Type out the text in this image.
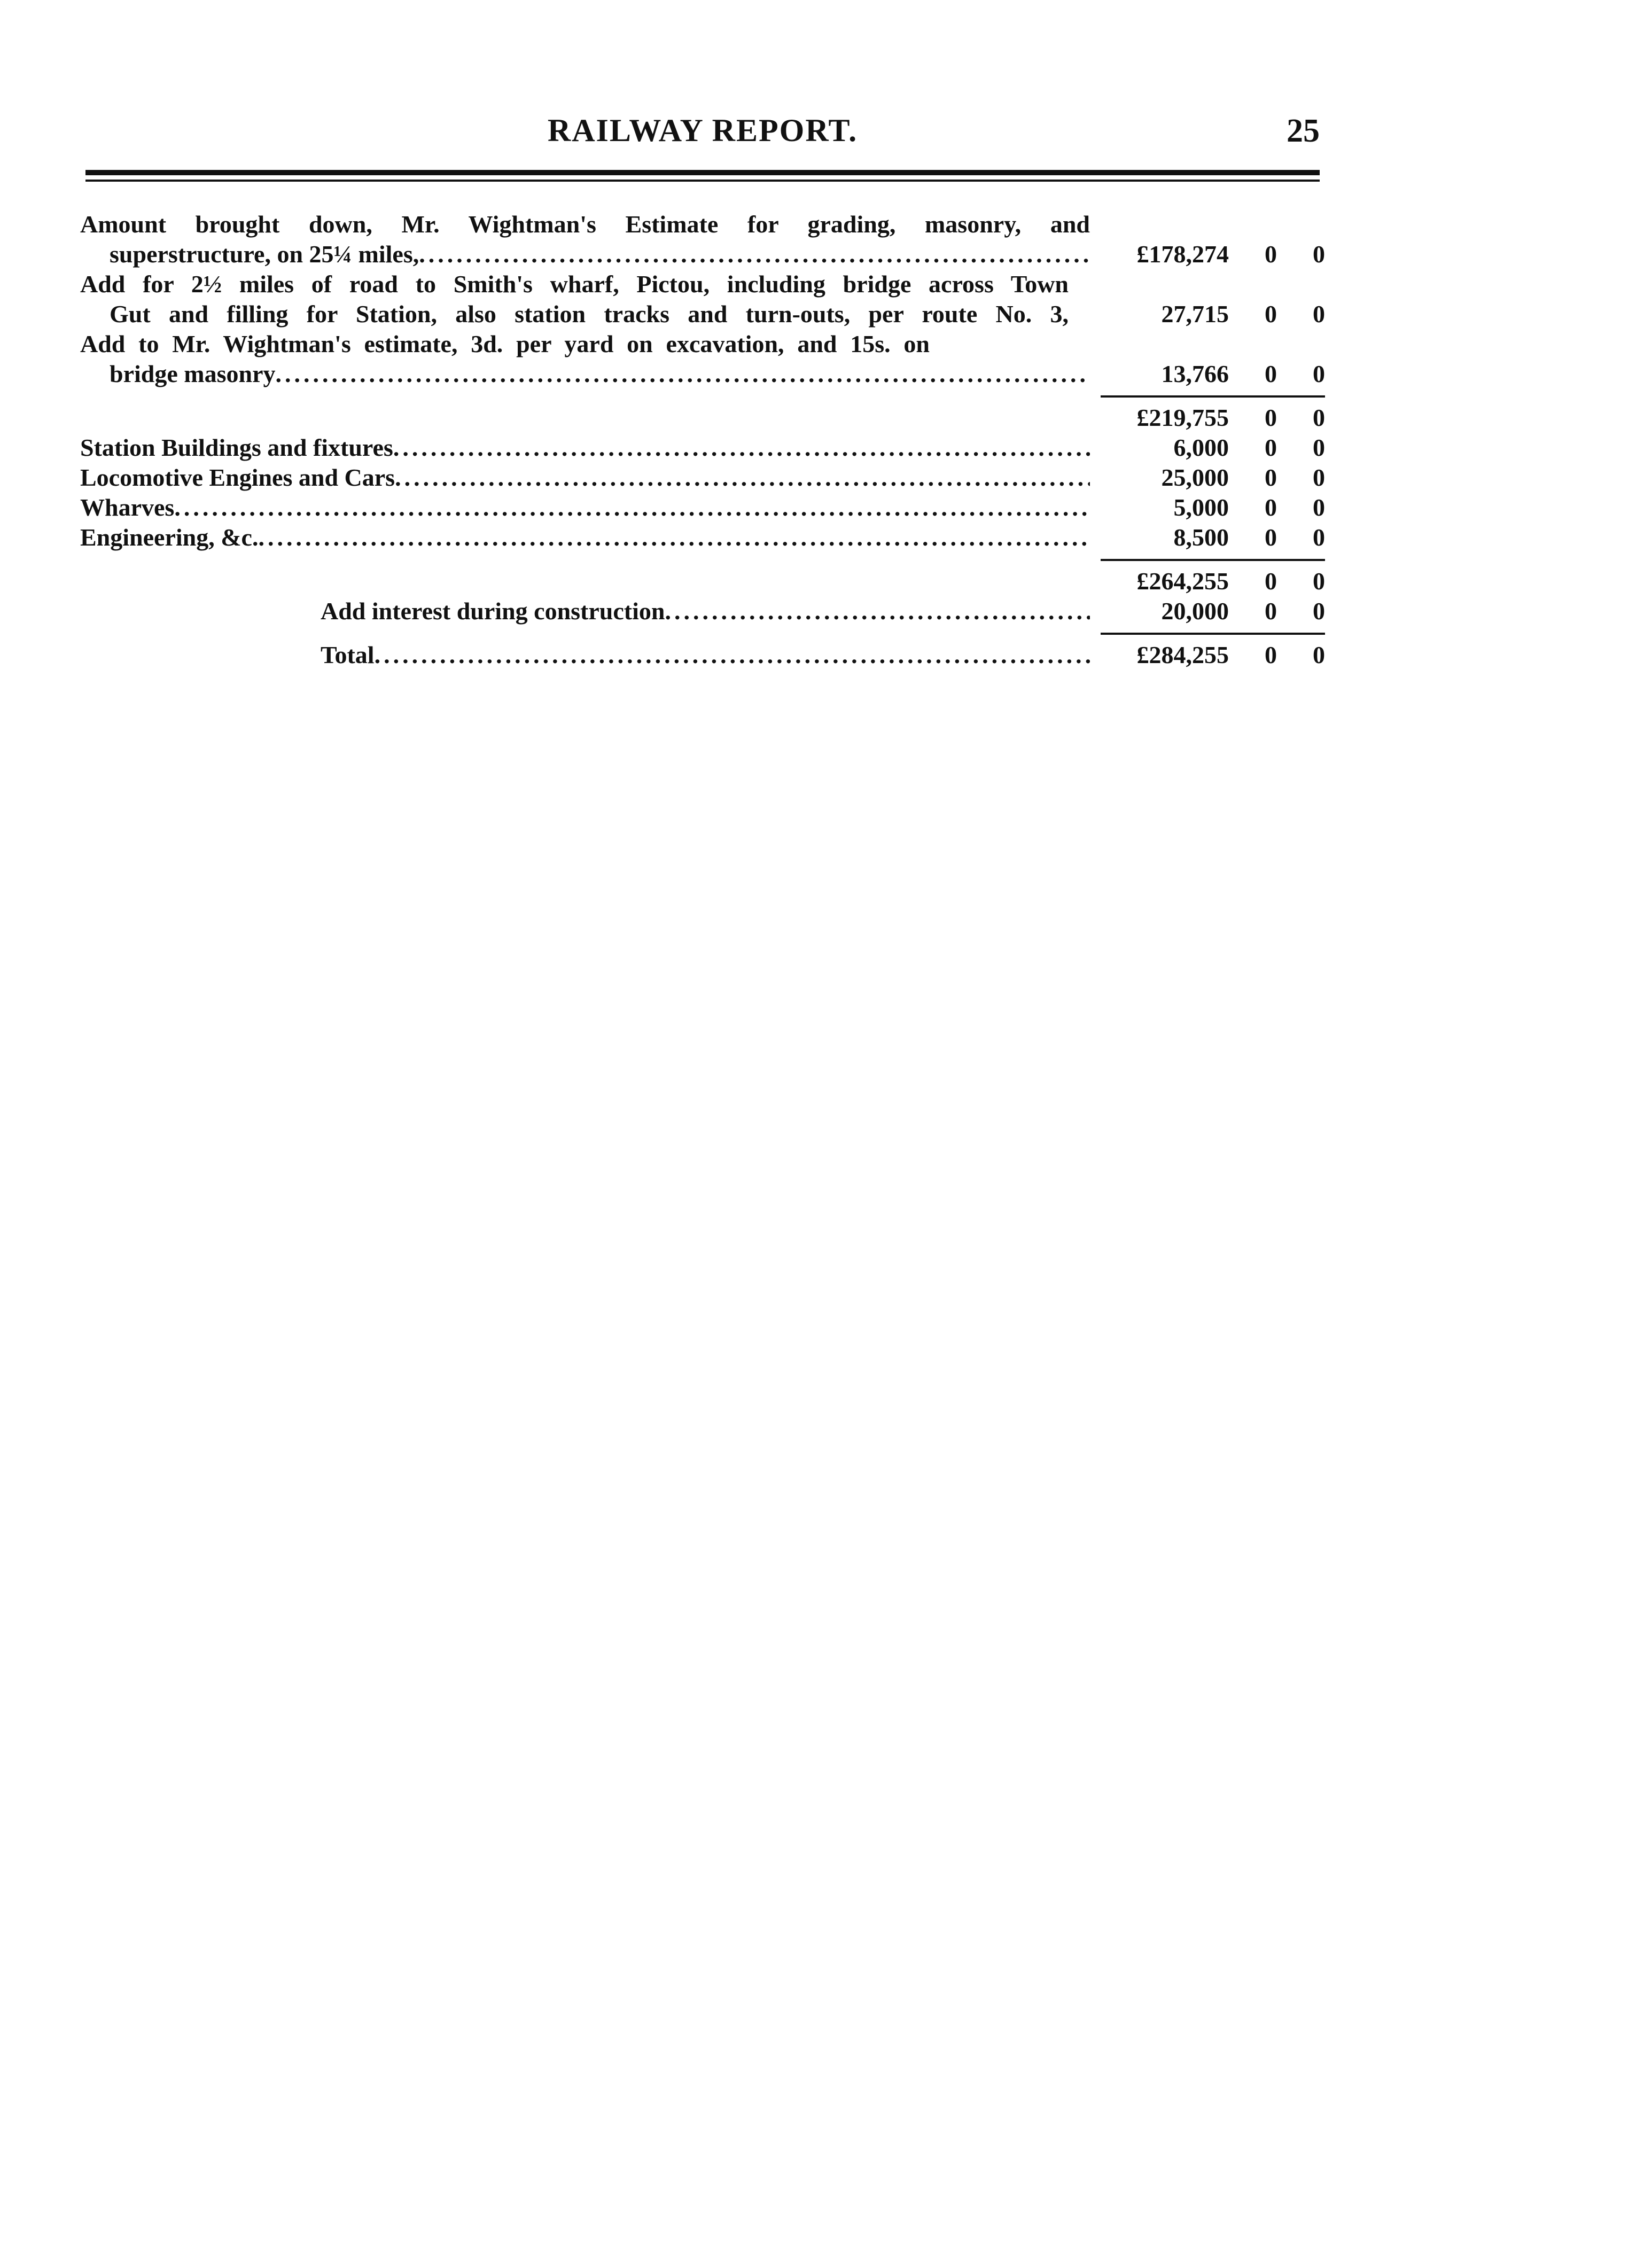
RAILWAY REPORT.	25
Amount brought down, Mr. Wightman's Estimate for grading, masonry, and
superstructure, on 25¼ miles, .....	£178,274	0	0
Add for 2½ miles of road to Smith's wharf, Pictou, including bridge across Town
Gut and filling for Station, also station tracks and turn-outs, per route No. 3,	27,715	0	0
Add to Mr. Wightman's estimate, 3d. per yard on excavation, and 15s. on
bridge masonry .....	13,766	0	0
£219,755	0	0
Station Buildings and fixtures .....	6,000	0	0
Locomotive Engines and Cars .....	25,000	0	0
Wharves .....	5,000	0	0
Engineering, &c. .....	8,500	0	0
£264,255	0	0
Add interest during construction .....	20,000	0	0
Total .....	£284,255	0	0
